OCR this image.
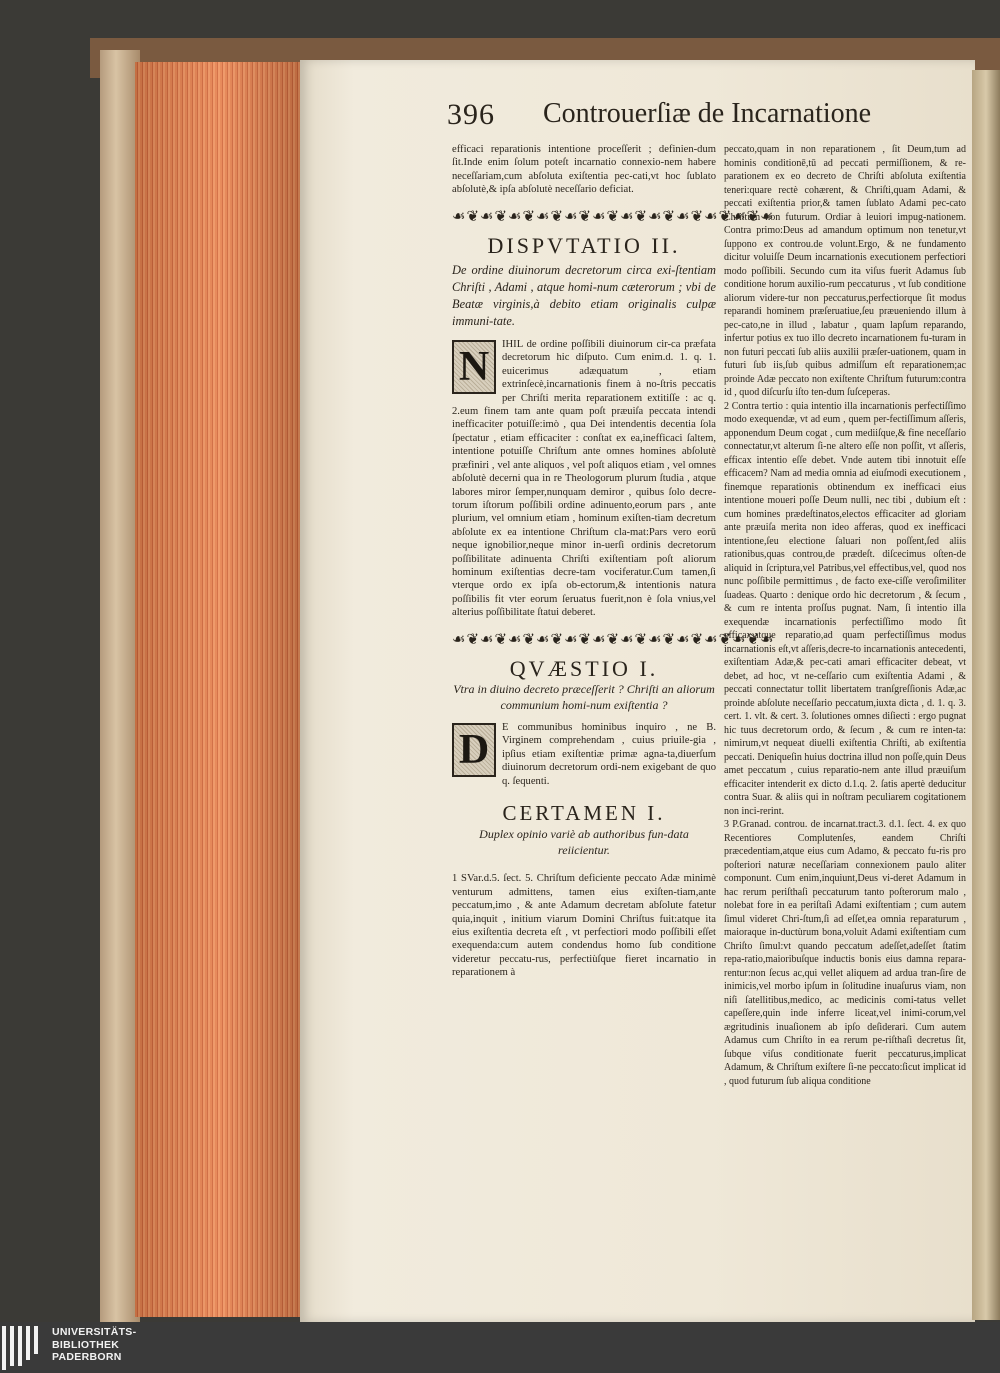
396 Controuerſiæ de Incarnatione

efficaci reparationis intentione proceſſerit ; definien-dum ſit.Inde enim ſolum poteſt incarnatio connexio-nem habere neceſſariam,cum abſoluta exiſtentia pec-cati,vt hoc ſublato abſolutè,& ipſa abſolutè neceſſario deficiat.

☙❦☙❦☙❦☙❦☙❦☙❦☙❦☙❦☙❦☙❦☙❦☙
DISPVTATIO II.
De ordine diuinorum decretorum circa exi-ſtentiam Chriſti , Adami , atque homi-num cæterorum ; vbi de Beatæ virginis,à debito etiam originalis culpæ immuni-tate.
N	IHIL de ordine poſſibili diuinorum cir-ca præfata decretorum hic diſputo. Cum enim.d. 1. q. 1. euicerimus adæquatum , etiam extrinſecè,incarnationis finem à no-ſtris peccatis per Chriſti merita reparationem extitiſſe : ac q. 2.eum finem tam ante quam poſt præuiſa peccata intendi inefficaciter potuiſſe:imò , qua Dei intendentis decentia ſola ſpectatur , etiam efficaciter : conſtat ex ea,inefficaci ſaltem, intentione potuiſſe Chriſtum ante omnes homines abſolutè præfiniri , vel ante aliquos , vel poſt aliquos etiam , vel omnes abſolutè decerni qua in re Theologorum plurum ſtudia , atque labores miror ſemper,nunquam demiror , quibus ſolo decre-torum iſtorum poſſibili ordine adinuento,eorum pars , ante plurium, vel omnium etiam , hominum exiſten-tiam decretum abſolute ex ea intentione Chriſtum cla-mat:Pars vero eorū neque ignobilior,neque minor in-uerſi ordinis decretorum poſſibilitate adinuenta Chriſti exiſtentiam poſt aliorum hominum exiſtentias decre-tam vociferatur.Cum tamen,ſi vterque ordo ex ipſa ob-ectorum,& intentionis natura poſſibilis fit vter eorum ſeruatus fuerit,non è ſola vnius,vel alterius poſſibilitate ſtatui deberet.
☙❦☙❦☙❦☙❦☙❦☙❦☙❦☙❦☙❦☙❦☙❦☙
QVÆSTIO I.
Vtra in diuino decreto præceſſerit ? Chriſti an aliorum communium homi-num exiſtentia ?
D	E communibus hominibus inquiro , ne B. Virginem comprehendam , cuius priuile-gia , ipſius etiam exiſtentiæ primæ agna-ta,diuerſum diuinorum decretorum ordi-nem exigebant de quo q. ſequenti.
CERTAMEN I.
Duplex opinio variè ab authoribus fun-data reiicientur.

1 SVar.d.5. ſect. 5. Chriſtum deficiente peccato Adæ minimè venturum admittens, tamen eius exiſten-tiam,ante peccatum,imo , & ante Adamum decretam abſolute fatetur quia,inquit , initium viarum Domini Chriſtus fuit:atque ita eius exiſtentia decreta eſt , vt perfectiori modo poſſibili eſſet exequenda:cum autem condendus homo ſub conditione videretur peccatu-rus, perfectiùſque fieret incarnatio in reparationem à

peccato,quam in non reparationem , ſit Deum,tum ad hominis conditionē,tū ad peccati permiſſionem, & re-parationem ex eo decreto de Chriſti abſoluta exiſtentia teneri:quare rectè cohærent, & Chriſti,quam Adami, & peccati exiſtentia prior,& tamen ſublato Adami pec-cato Chriſtum non futurum. Ordiar à leuiori impug-nationem. Contra primo:Deus ad amandum optimum non tenetur,vt ſuppono ex controu.de volunt.Ergo, & ne fundamento dicitur voluiſſe Deum incarnationis executionem perfectiori modo poſſibili. Secundo cum ita viſus fuerit Adamus ſub conditione horum auxilio-rum peccaturus , vt ſub conditione aliorum videre-tur non peccaturus,perfectiorque ſit modus reparandi hominem præſeruatiue,ſeu præueniendo illum à pec-cato,ne in illud , labatur , quam lapſum reparando, infertur potius ex tuo illo decreto incarnationem fu-turam in non futuri peccati ſub aliis auxilii præſer-uationem, quam in futuri ſub iis,ſub quibus admiſſum eſt reparationem;ac proinde Adæ peccato non exiſtente Chriſtum futurum:contra id , quod diſcurſu iſto ten-dum ſuſceperas.

2 Contra tertio : quia intentio illa incarnationis perfectiſſimo modo exequendæ, vt ad eum , quem per-fectiſſimum aſſeris, apponendum Deum cogat , cum mediiſque,& fine neceſſario connectatur,vt alterum ſi-ne altero eſſe non poſſit, vt aſſeris, efficax intentio eſſe debet. Vnde autem tibi innotuit eſſe efficacem? Nam ad media omnia ad eiuſmodi executionem , finemque reparationis obtinendum ex inefficaci eius intentione moueri poſſe Deum nulli, nec tibi , dubium eſt : cum homines prædeſtinatos,electos efficaciter ad gloriam ante præuiſa merita non ideo afferas, quod ex inefficaci intentione,ſeu electione ſaluari non poſſent,ſed aliis rationibus,quas controu,de prædeſt. diſcecimus oſten-de aliquid in ſcriptura,vel Patribus,vel effectibus,vel, quod nos nunc poſſibile permittimus , de facto exe-ciſſe veroſimiliter ſuadeas. Quarto : denique ordo hic decretorum , & ſecum , & cum re intenta proſſus pugnat. Nam, ſi intentio illa exequendæ incarnationis perfectiſſimo modo ſit efficax,atque reparatio,ad quam perfectiſſimus modus incarnationis eſt,vt aſſeris,decre-to incarnationis antecedenti, exiſtentiam Adæ,& pec-cati amari efficaciter debeat, vt debet, ad hoc, vt ne-ceſſario cum exiſtentia Adami , & peccati connectatur tollit libertatem tranſgreſſionis Adæ,ac proinde abſolute neceſſario peccatum,iuxta dicta , d. 1. q. 3. cert. 1. vlt. & cert. 3. ſolutiones omnes diſiecti : ergo pugnat hic tuus decretorum ordo, & ſecum , & cum re inten-ta: nimirum,vt nequeat diuelli exiſtentia Chriſti, ab exiſtentia peccati. Deniqueſin huius doctrina illud non poſſe,quin Deus amet peccatum , cuius reparatio-nem ante illud præuiſum efficaciter intenderit ex dicto d.1.q. 2. ſatis apertè deducitur contra Suar. & aliis qui in noſtram peculiarem cogitationem non inci-rerint.

3 P.Granad. controu. de incarnat.tract.3. d.1. ſect. 4. ex quo Recentiores Complutenſes, eandem Chriſti præcedentiam,atque eius cum Adamo, & peccato fu-ris pro poſteriori naturæ neceſſariam connexionem paulo aliter componunt. Cum enim,inquiunt,Deus vi-deret Adamum in hac rerum periſthaſi peccaturum tanto poſterorum malo , nolebat fore in ea periſtaſi Adami exiſtentiam ; cum autem ſimul videret Chri-ſtum,ſi ad eſſet,ea omnia reparaturum , maioraque in-ductùrum bona,voluit Adami exiſtentiam cum Chriſto ſimul:vt quando peccatum adeſſet,adeſſet ſtatim repa-ratio,maioribuſque inductis bonis eius damna repara-rentur:non ſecus ac,qui vellet aliquem ad ardua tran-ſire de inimicis,vel morbo ipſum in ſolitudine inuaſurus viam, non niſi ſatellitibus,medico, ac medicinis comi-tatus vellet capeſſere,quin inde inferre liceat,vel inimi-corum,vel ægritudinis inuaſionem ab ipſo deſiderari. Cum autem Adamus cum Chriſto in ea rerum pe-riſthaſi decretus ſit, ſubque viſus conditionate fuerit peccaturus,implicat Adamum, & Chriſtum exiſtere ſi-ne peccato:ſicut implicat id , quod futurum ſub aliqua conditione

UNIVERSITÄTS-
BIBLIOTHEK
PADERBORN
